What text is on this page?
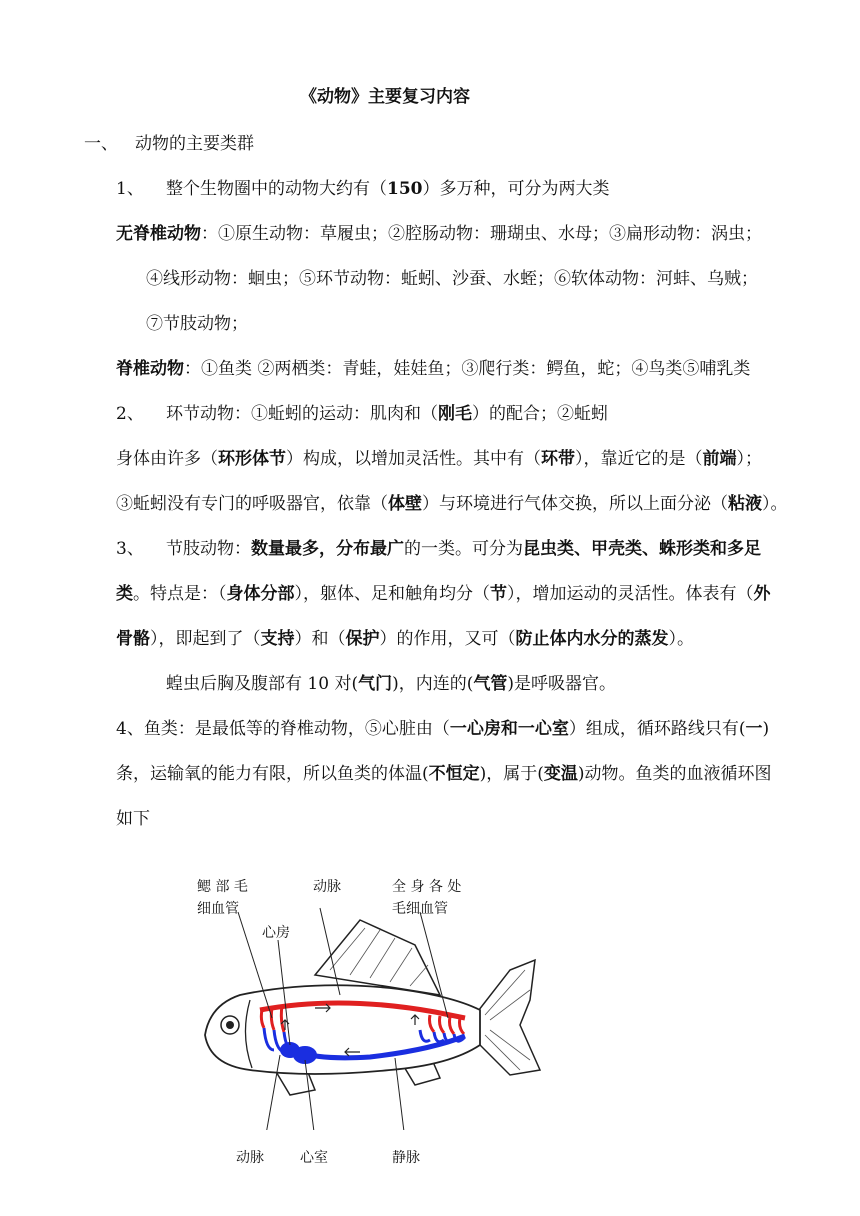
《动物》主要复习内容
一、 动物的主要类群
1、 整个生物圈中的动物大约有（150）多万种，可分为两大类
无脊椎动物：①原生动物：草履虫；②腔肠动物：珊瑚虫、水母；③扁形动物：涡虫；
④线形动物：蛔虫；⑤环节动物：蚯蚓、沙蚕、水蛭；⑥软体动物：河蚌、乌贼；
⑦节肢动物；
脊椎动物：①鱼类 ②两栖类：青蛙，娃娃鱼；③爬行类：鳄鱼，蛇；④鸟类⑤哺乳类
2、 环节动物：①蚯蚓的运动：肌肉和（刚毛）的配合；②蚯蚓
身体由许多（环形体节）构成，以增加灵活性。其中有（环带），靠近它的是（前端）；
③蚯蚓没有专门的呼吸器官，依靠（体壁）与环境进行气体交换，所以上面分泌（粘液）。
3、 节肢动物：数量最多，分布最广的一类。可分为昆虫类、甲壳类、蛛形类和多足
类。特点是：（身体分部），躯体、足和触角均分（节），增加运动的灵活性。体表有（外
骨骼），即起到了（支持）和（保护）的作用，又可（防止体内水分的蒸发）。
蝗虫后胸及腹部有 10 对(气门)，内连的(气管)是呼吸器官。
4、鱼类：是最低等的脊椎动物，⑤心脏由（一心房和一心室）组成，循环路线只有(一)
条，运输氧的能力有限，所以鱼类的体温(不恒定)，属于(变温)动物。鱼类的血液循环图
如下
鳃 部 毛
细血管
动脉	全 身 各 处
毛细血管
心房
动脉	心室	静脉
